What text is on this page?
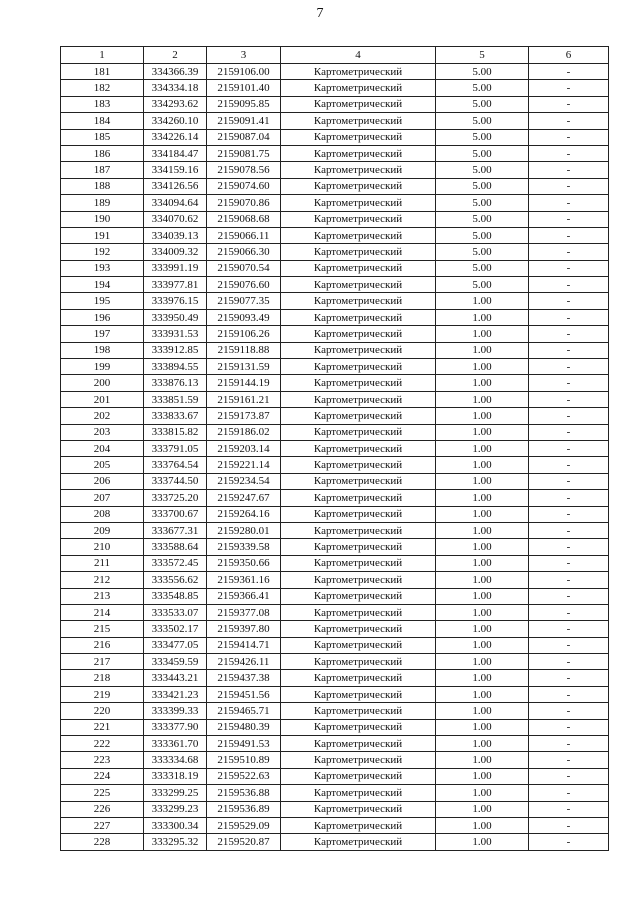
7
1	2	3	4	5	6
181	334366.39	2159106.00	Картометрический	5.00	-
182	334334.18	2159101.40	Картометрический	5.00	-
183	334293.62	2159095.85	Картометрический	5.00	-
184	334260.10	2159091.41	Картометрический	5.00	-
185	334226.14	2159087.04	Картометрический	5.00	-
186	334184.47	2159081.75	Картометрический	5.00	-
187	334159.16	2159078.56	Картометрический	5.00	-
188	334126.56	2159074.60	Картометрический	5.00	-
189	334094.64	2159070.86	Картометрический	5.00	-
190	334070.62	2159068.68	Картометрический	5.00	-
191	334039.13	2159066.11	Картометрический	5.00	-
192	334009.32	2159066.30	Картометрический	5.00	-
193	333991.19	2159070.54	Картометрический	5.00	-
194	333977.81	2159076.60	Картометрический	5.00	-
195	333976.15	2159077.35	Картометрический	1.00	-
196	333950.49	2159093.49	Картометрический	1.00	-
197	333931.53	2159106.26	Картометрический	1.00	-
198	333912.85	2159118.88	Картометрический	1.00	-
199	333894.55	2159131.59	Картометрический	1.00	-
200	333876.13	2159144.19	Картометрический	1.00	-
201	333851.59	2159161.21	Картометрический	1.00	-
202	333833.67	2159173.87	Картометрический	1.00	-
203	333815.82	2159186.02	Картометрический	1.00	-
204	333791.05	2159203.14	Картометрический	1.00	-
205	333764.54	2159221.14	Картометрический	1.00	-
206	333744.50	2159234.54	Картометрический	1.00	-
207	333725.20	2159247.67	Картометрический	1.00	-
208	333700.67	2159264.16	Картометрический	1.00	-
209	333677.31	2159280.01	Картометрический	1.00	-
210	333588.64	2159339.58	Картометрический	1.00	-
211	333572.45	2159350.66	Картометрический	1.00	-
212	333556.62	2159361.16	Картометрический	1.00	-
213	333548.85	2159366.41	Картометрический	1.00	-
214	333533.07	2159377.08	Картометрический	1.00	-
215	333502.17	2159397.80	Картометрический	1.00	-
216	333477.05	2159414.71	Картометрический	1.00	-
217	333459.59	2159426.11	Картометрический	1.00	-
218	333443.21	2159437.38	Картометрический	1.00	-
219	333421.23	2159451.56	Картометрический	1.00	-
220	333399.33	2159465.71	Картометрический	1.00	-
221	333377.90	2159480.39	Картометрический	1.00	-
222	333361.70	2159491.53	Картометрический	1.00	-
223	333334.68	2159510.89	Картометрический	1.00	-
224	333318.19	2159522.63	Картометрический	1.00	-
225	333299.25	2159536.88	Картометрический	1.00	-
226	333299.23	2159536.89	Картометрический	1.00	-
227	333300.34	2159529.09	Картометрический	1.00	-
228	333295.32	2159520.87	Картометрический	1.00	-
